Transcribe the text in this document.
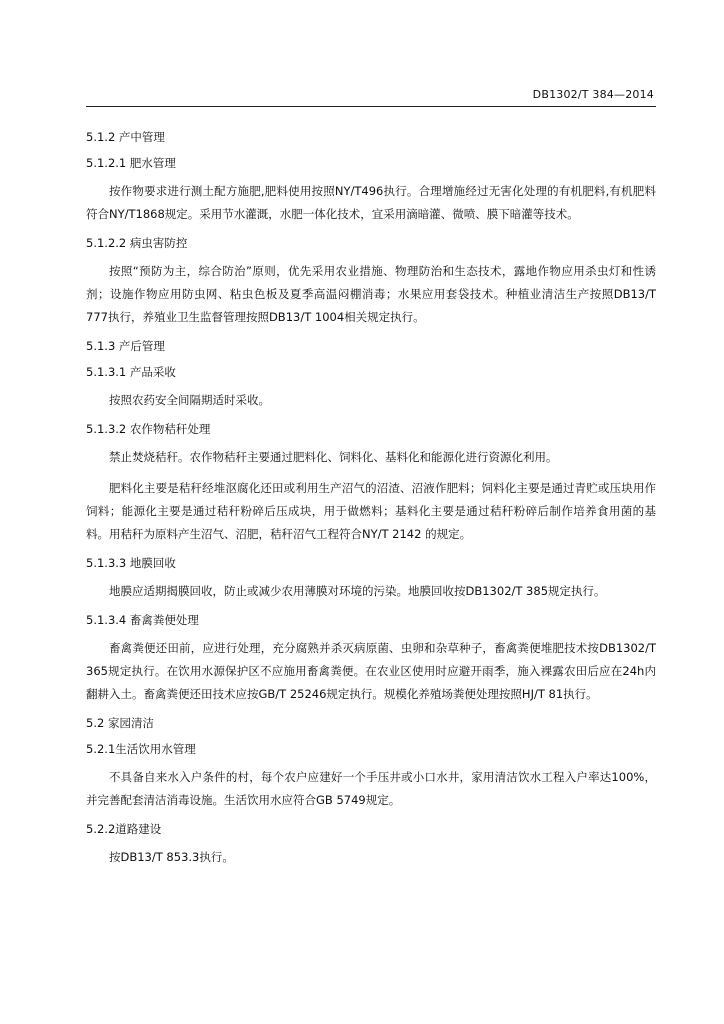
DB1302/T 384—2014
5.1.2 产中管理
5.1.2.1 肥水管理
按作物要求进行测土配方施肥,肥料使用按照NY/T496执行。合理增施经过无害化处理的有机肥料,有机肥料符合NY/T1868规定。采用节水灌溉，水肥一体化技术，宜采用滴暗灌、微喷、膜下暗灌等技术。
5.1.2.2 病虫害防控
按照“预防为主，综合防治”原则，优先采用农业措施、物理防治和生态技术，露地作物应用杀虫灯和性诱剂；设施作物应用防虫网、粘虫色板及夏季高温闷棚消毒；水果应用套袋技术。种植业清洁生产按照DB13/T 777执行，养殖业卫生监督管理按照DB13/T 1004相关规定执行。
5.1.3 产后管理
5.1.3.1 产品采收
按照农药安全间隔期适时采收。
5.1.3.2 农作物秸秆处理
禁止焚烧秸秆。农作物秸秆主要通过肥料化、饲料化、基料化和能源化进行资源化利用。
肥料化主要是秸秆经堆沤腐化还田或利用生产沼气的沼渣、沼液作肥料；饲料化主要是通过青贮或压块用作饲料；能源化主要是通过秸秆粉碎后压成块，用于做燃料；基料化主要是通过秸秆粉碎后制作培养食用菌的基料。用秸秆为原料产生沼气、沼肥，秸秆沼气工程符合NY/T 2142 的规定。
5.1.3.3 地膜回收
地膜应适期揭膜回收，防止或减少农用薄膜对环境的污染。地膜回收按DB1302/T 385规定执行。
5.1.3.4 畜禽粪便处理
畜禽粪便还田前，应进行处理，充分腐熟并杀灭病原菌、虫卵和杂草种子，畜禽粪便堆肥技术按DB1302/T 365规定执行。在饮用水源保护区不应施用畜禽粪便。在农业区使用时应避开雨季，施入裸露农田后应在24h内翻耕入土。畜禽粪便还田技术应按GB/T 25246规定执行。规模化养殖场粪便处理按照HJ/T 81执行。
5.2 家园清洁
5.2.1生活饮用水管理
不具备自来水入户条件的村，每个农户应建好一个手压井或小口水井，家用清洁饮水工程入户率达100%，并完善配套清洁消毒设施。生活饮用水应符合GB 5749规定。
5.2.2道路建设
按DB13/T 853.3执行。
